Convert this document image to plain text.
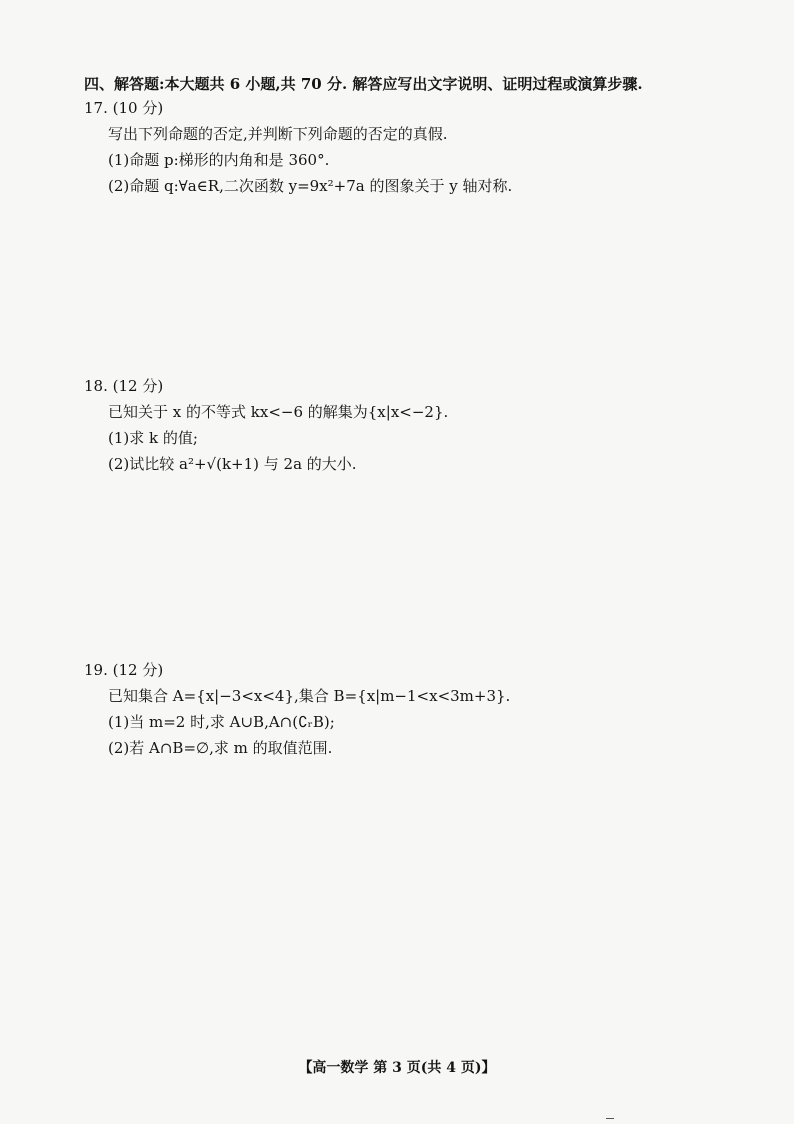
四、解答题:本大题共 6 小题,共 70 分. 解答应写出文字说明、证明过程或演算步骤.
17. (10 分)
写出下列命题的否定,并判断下列命题的否定的真假.
(1)命题 p:梯形的内角和是 360°.
(2)命题 q:∀a∈R,二次函数 y=9x²+7a 的图象关于 y 轴对称.
18. (12 分)
已知关于 x 的不等式 kx<−6 的解集为{x|x<−2}.
(1)求 k 的值;
(2)试比较 a²+√(k+1) 与 2a 的大小.
19. (12 分)
已知集合 A={x|−3<x<4},集合 B={x|m−1<x<3m+3}.
(1)当 m=2 时,求 A∪B,A∩(∁ᵣB);
(2)若 A∩B=∅,求 m 的取值范围.
【高一数学 第 3 页(共 4 页)】
